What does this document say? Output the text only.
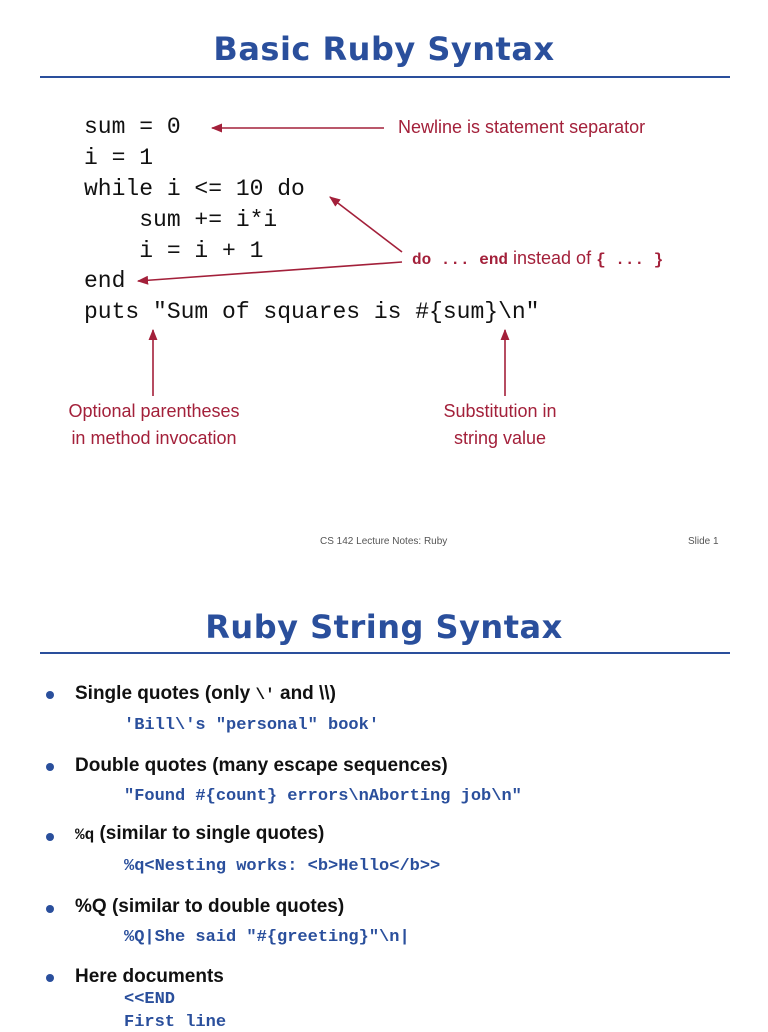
Basic Ruby Syntax
sum = 0
i = 1
while i <= 10 do
sum += i*i
i = i + 1
end
puts "Sum of squares is #{sum}\n"
Newline is statement separator
do ... end instead of { ... }
Optional parentheses
in method invocation
Substitution in
string value
CS 142 Lecture Notes: Ruby	Slide 1
Ruby String Syntax
Single quotes (only \' and \\)
'Bill\'s "personal" book'
Double quotes (many escape sequences)
"Found #{count} errors\nAborting job\n"
%q (similar to single quotes)
%q<Nesting works: <b>Hello</b>>
%Q (similar to double quotes)
%Q|She said "#{greeting}"\n|
Here documents
<<END
First line
